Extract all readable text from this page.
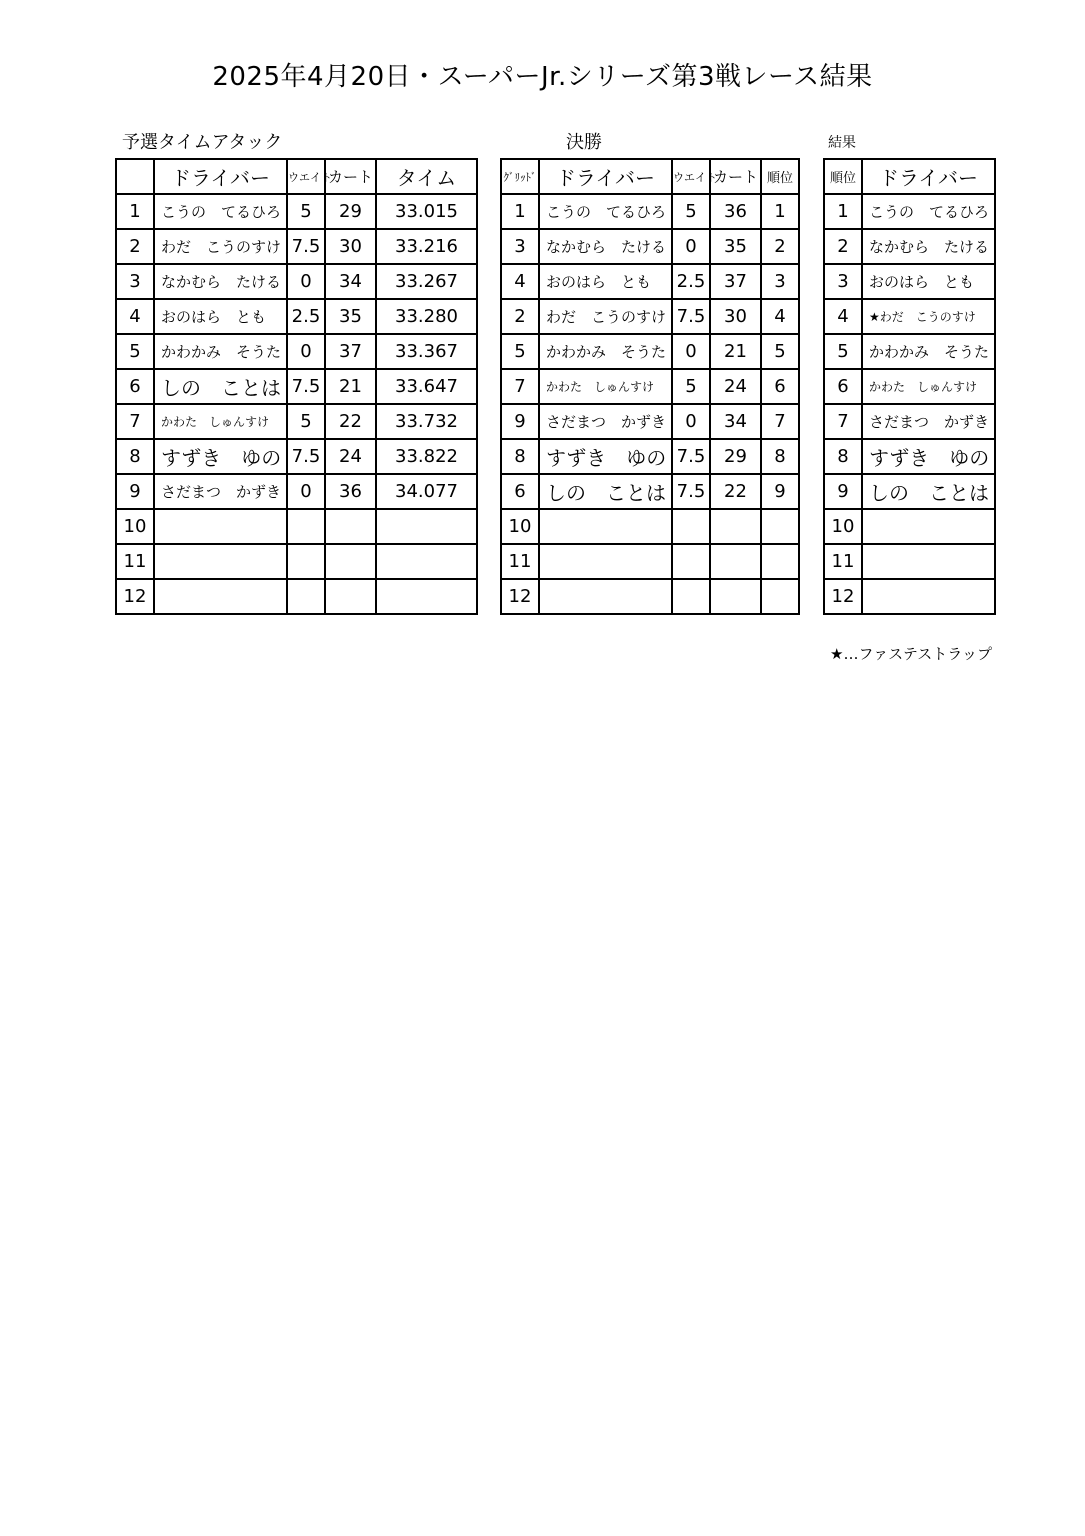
2025年4月20日・スーパーJr.シリーズ第3戦レース結果
予選タイムアタック	決勝	結果
	ドライバー	ウエイト	カート	タイム
1	こうの　てるひろ	5	29	33.015
2	わだ　こうのすけ	7.5	30	33.216
3	なかむら　たける	0	34	33.267
4	おのはら　とも	2.5	35	33.280
5	かわかみ　そうた	0	37	33.367
6	しの　ことは	7.5	21	33.647
7	かわた　しゅんすけ	5	22	33.732
8	すずき　ゆの	7.5	24	33.822
9	さだまつ　かずき	0	36	34.077
10				
11				
12				
ｸﾞﾘｯﾄﾞ	ドライバー	ウエイト	カート	順位
1	こうの　てるひろ	5	36	1
3	なかむら　たける	0	35	2
4	おのはら　とも	2.5	37	3
2	わだ　こうのすけ	7.5	30	4
5	かわかみ　そうた	0	21	5
7	かわた　しゅんすけ	5	24	6
9	さだまつ　かずき	0	34	7
8	すずき　ゆの	7.5	29	8
6	しの　ことは	7.5	22	9
10				
11				
12				
順位	ドライバー
1	こうの　てるひろ
2	なかむら　たける
3	おのはら　とも
4	★わだ　こうのすけ
5	かわかみ　そうた
6	かわた　しゅんすけ
7	さだまつ　かずき
8	すずき　ゆの
9	しの　ことは
10	
11	
12	
★…ファステストラップ
